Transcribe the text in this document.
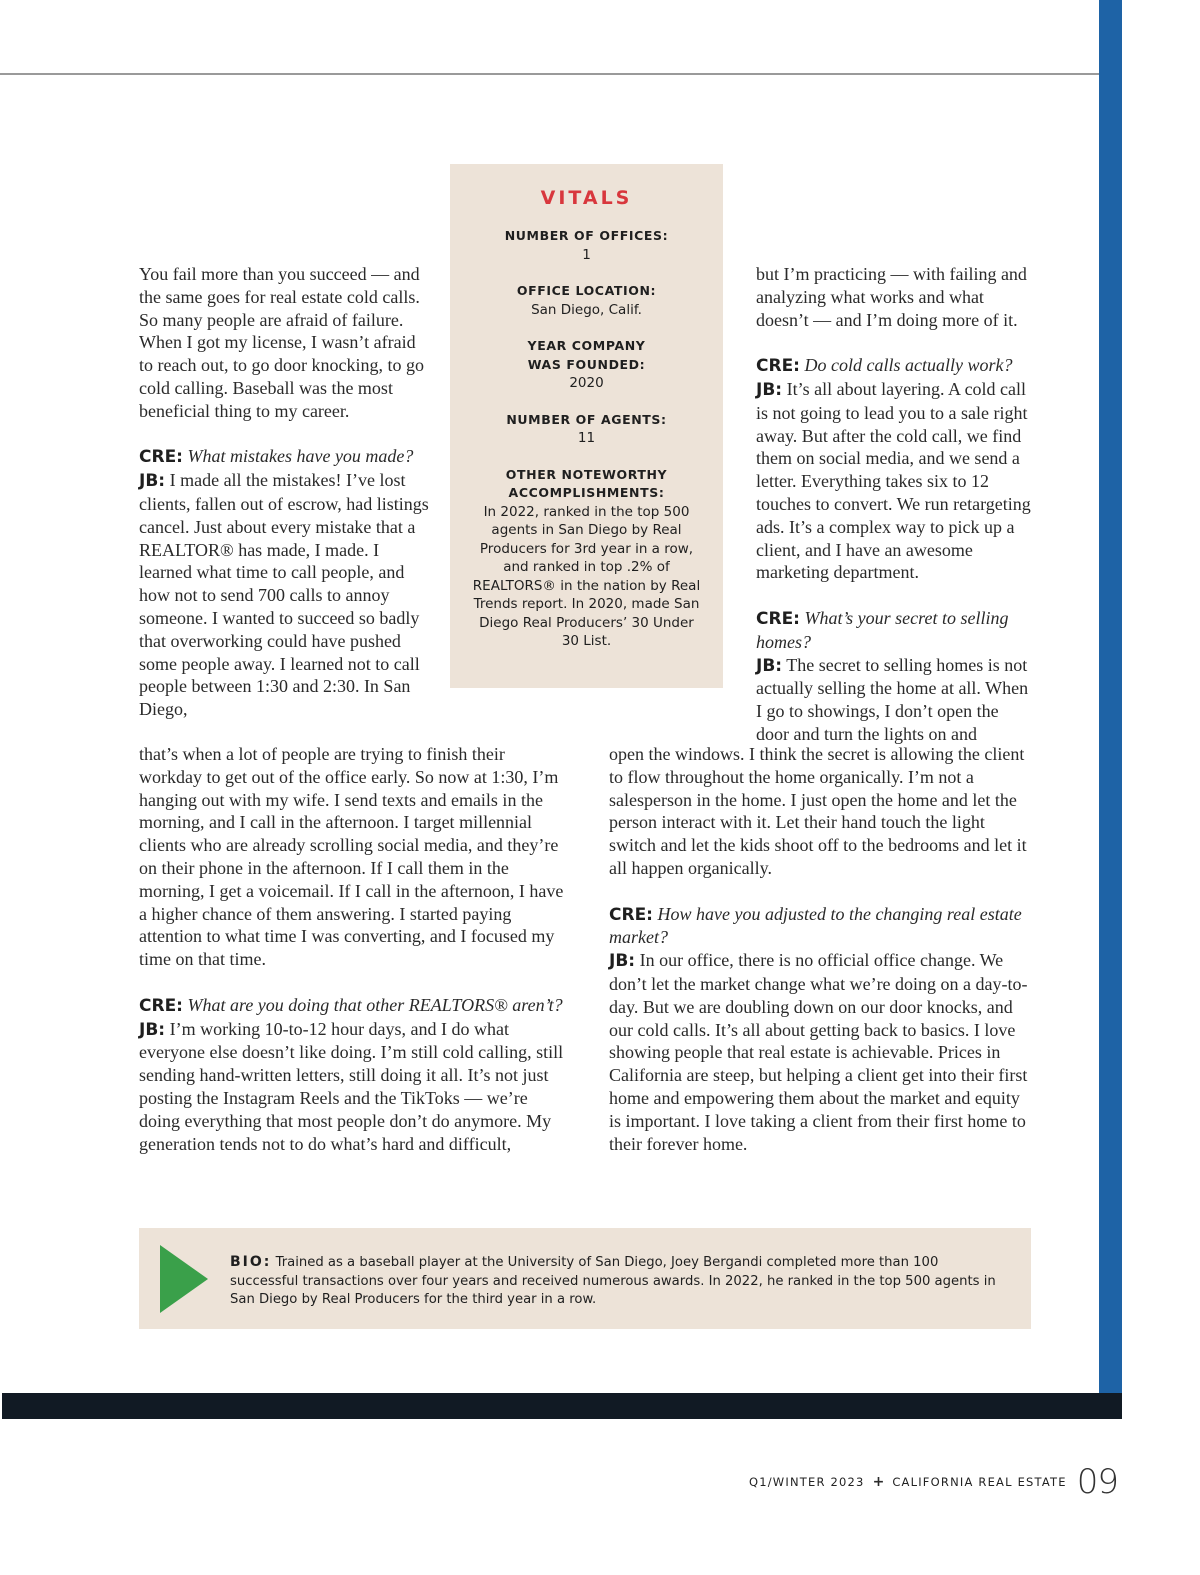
You fail more than you succeed — and the same goes for real estate cold calls. So many people are afraid of failure. When I got my license, I wasn’t afraid to reach out, to go door knocking, to go cold calling. Baseball was the most beneficial thing to my career.

CRE: What mistakes have you made?

JB: I made all the mistakes! I’ve lost clients, fallen out of escrow, had listings cancel. Just about every mistake that a REALTOR® has made, I made. I learned what time to call people, and how not to send 700 calls to annoy someone. I wanted to succeed so badly that overworking could have pushed some people away. I learned not to call people between 1:30 and 2:30. In San Diego,

that’s when a lot of people are trying to finish their workday to get out of the office early. So now at 1:30, I’m hanging out with my wife. I send texts and emails in the morning, and I call in the afternoon. I target millennial clients who are already scrolling social media, and they’re on their phone in the afternoon. If I call them in the morning, I get a voicemail. If I call in the afternoon, I have a higher chance of them answering. I started paying attention to what time I was converting, and I focused my time on that time.

CRE: What are you doing that other REALTORS® aren’t?

JB: I’m working 10-to-12 hour days, and I do what everyone else doesn’t like doing. I’m still cold calling, still sending hand-written letters, still doing it all. It’s not just posting the Instagram Reels and the TikToks — we’re doing everything that most people don’t do anymore. My generation tends not to do what’s hard and difficult,

VITALS
NUMBER OF OFFICES:
1
OFFICE LOCATION:
San Diego, Calif.
YEAR COMPANY
WAS FOUNDED:
2020
NUMBER OF AGENTS:
11
OTHER NOTEWORTHY
ACCOMPLISHMENTS:
In 2022, ranked in the top 500 agents in San Diego by Real Producers for 3rd year in a row, and ranked in top .2% of REALTORS® in the nation by Real Trends report. In 2020, made San Diego Real Producers’ 30 Under 30 List.

but I’m practicing — with failing and analyzing what works and what doesn’t — and I’m doing more of it.

CRE: Do cold calls actually work?

JB: It’s all about layering. A cold call is not going to lead you to a sale right away. But after the cold call, we find them on social media, and we send a letter. Everything takes six to 12 touches to convert. We run retargeting ads. It’s a complex way to pick up a client, and I have an awesome marketing department.

CRE: What’s your secret to selling homes?

JB: The secret to selling homes is not actually selling the home at all. When I go to showings, I don’t open the door and turn the lights on and

open the windows. I think the secret is allowing the client to flow throughout the home organically. I’m not a salesperson in the home. I just open the home and let the person interact with it. Let their hand touch the light switch and let the kids shoot off to the bedrooms and let it all happen organically.

CRE: How have you adjusted to the changing real estate market?

JB: In our office, there is no official office change. We don’t let the market change what we’re doing on a day-to-day. But we are doubling down on our door knocks, and our cold calls. It’s all about getting back to basics. I love showing people that real estate is achievable. Prices in California are steep, but helping a client get into their first home and empowering them about the market and equity is important. I love taking a client from their first home to their forever home.

BIO: Trained as a baseball player at the University of San Diego, Joey Bergandi completed more than 100 successful transactions over four years and received numerous awards. In 2022, he ranked in the top 500 agents in San Diego by Real Producers for the third year in a row.
Q1/WINTER 2023 + CALIFORNIA REAL ESTATE 09
